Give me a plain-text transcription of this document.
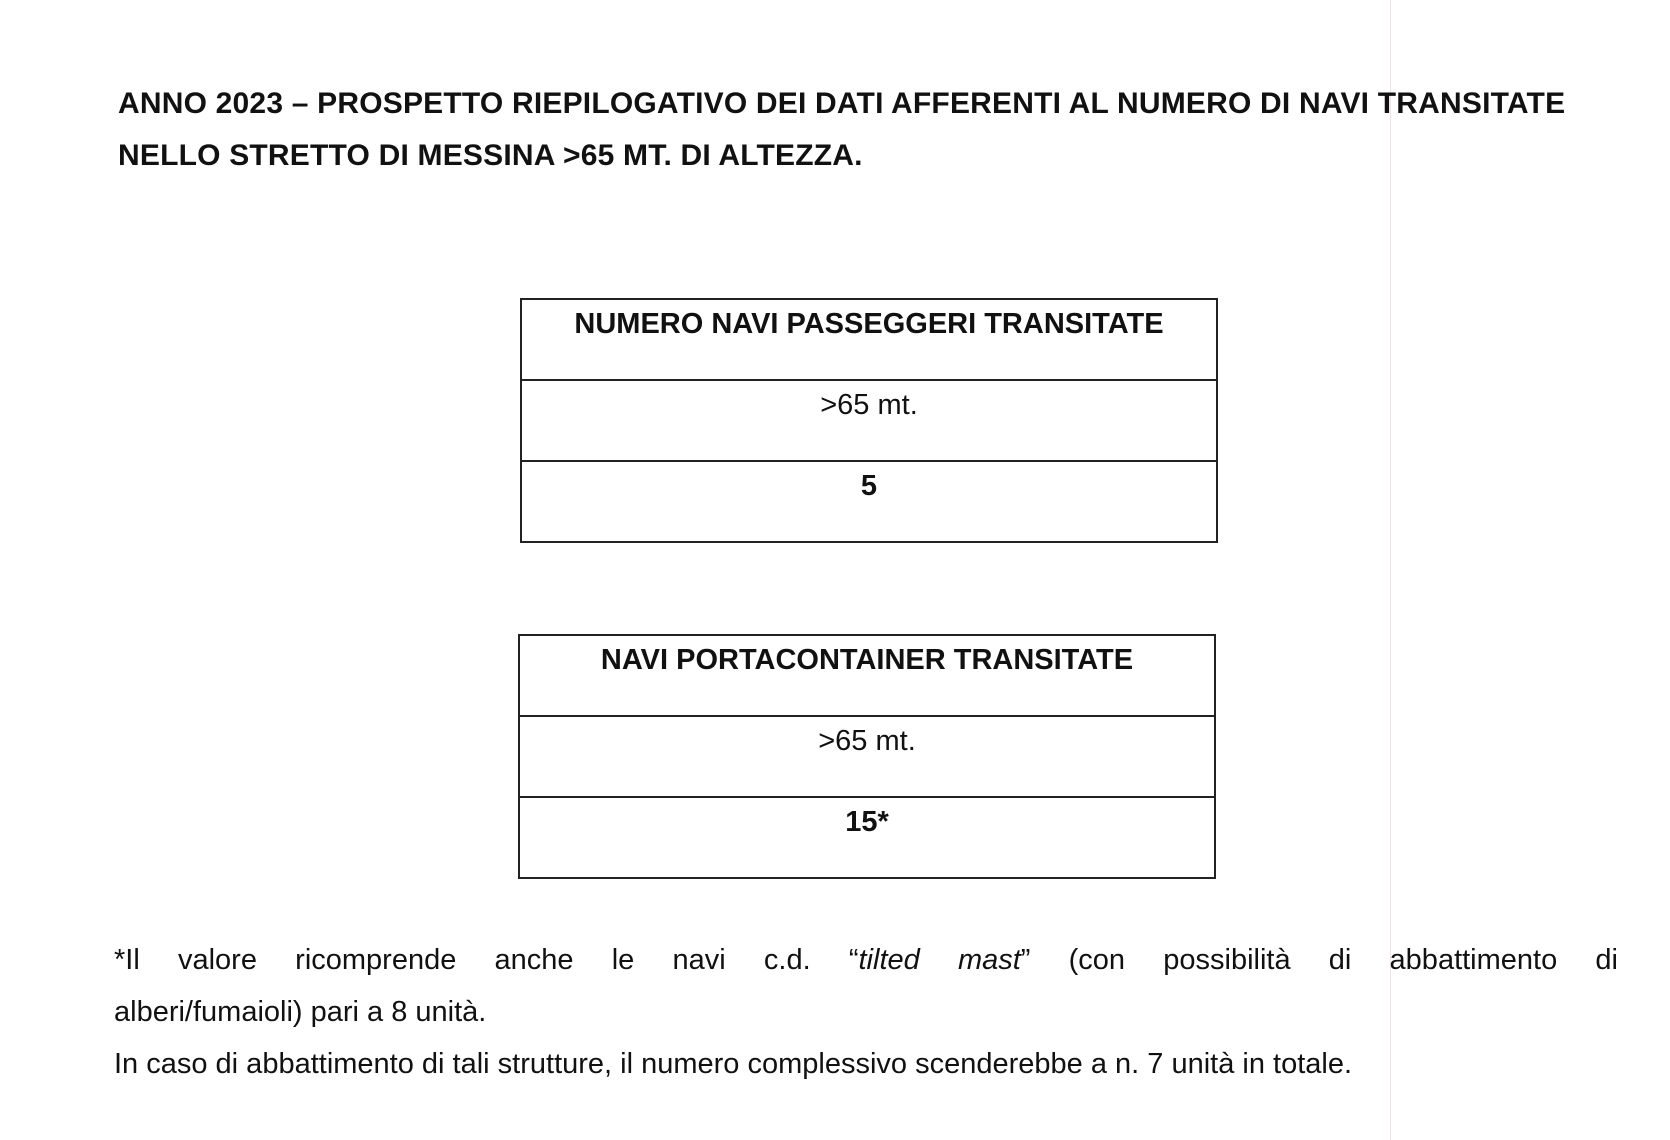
ANNO 2023 – PROSPETTO RIEPILOGATIVO DEI DATI AFFERENTI AL NUMERO DI NAVI TRANSITATE
NELLO STRETTO DI MESSINA >65 MT. DI ALTEZZA.
NUMERO NAVI PASSEGGERI TRANSITATE
>65 mt.
5
NAVI PORTACONTAINER TRANSITATE
>65 mt.
15*
*Il valore ricomprende anche le navi c.d. “tilted mast” (con possibilità di abbattimento di
alberi/fumaioli) pari a 8 unità.
In caso di abbattimento di tali strutture, il numero complessivo scenderebbe a n. 7 unità in totale.
